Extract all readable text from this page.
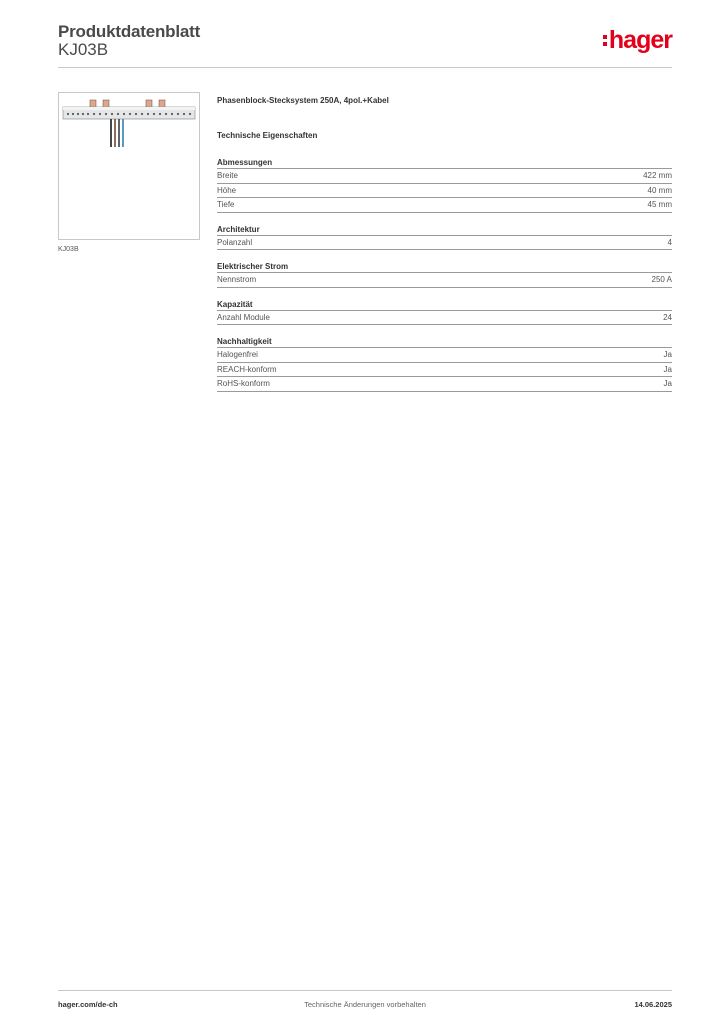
Produktdatenblatt
KJ03B	hager
KJ03B
Phasenblock-Stecksystem 250A, 4pol.+Kabel
Technische Eigenschaften
Abmessungen
Breite	422 mm
Höhe	40 mm
Tiefe	45 mm
Architektur
Polanzahl	4
Elektrischer Strom
Nennstrom	250 A
Kapazität
Anzahl Module	24
Nachhaltigkeit
Halogenfrei	Ja
REACH-konform	Ja
RoHS-konform	Ja
Technische Änderungen vorbehalten
hager.com/de-ch	14.06.2025
